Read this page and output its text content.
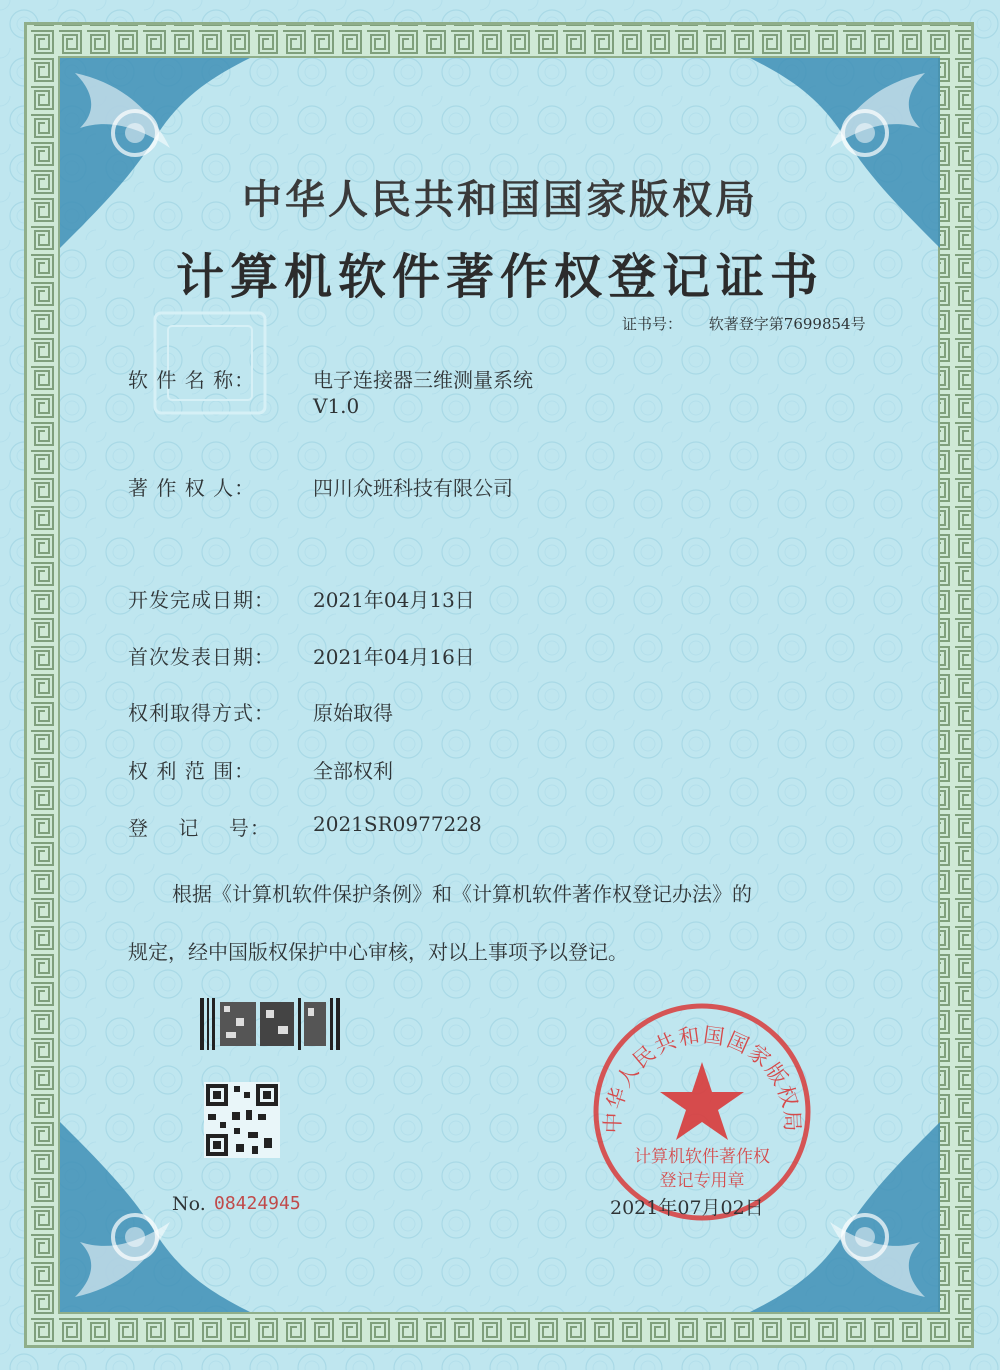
中华人民共和国国家版权局
计算机软件著作权登记证书
证书号： 软著登字第7699854号
软 件 名 称：	电子连接器三维测量系统
V1.0
著 作 权 人：	四川众班科技有限公司
开发完成日期： 2021年04月13日
首次发表日期： 2021年04月16日
权利取得方式： 原始取得
权 利 范 围：	全部权利
登    记    号： 2021SR0977228
根据《计算机软件保护条例》和《计算机软件著作权登记办法》的
规定，经中国版权保护中心审核，对以上事项予以登记。
中华人民共和国国家版权局
计算机软件著作权
登记专用章
No. 08424945	2021年07月02日
